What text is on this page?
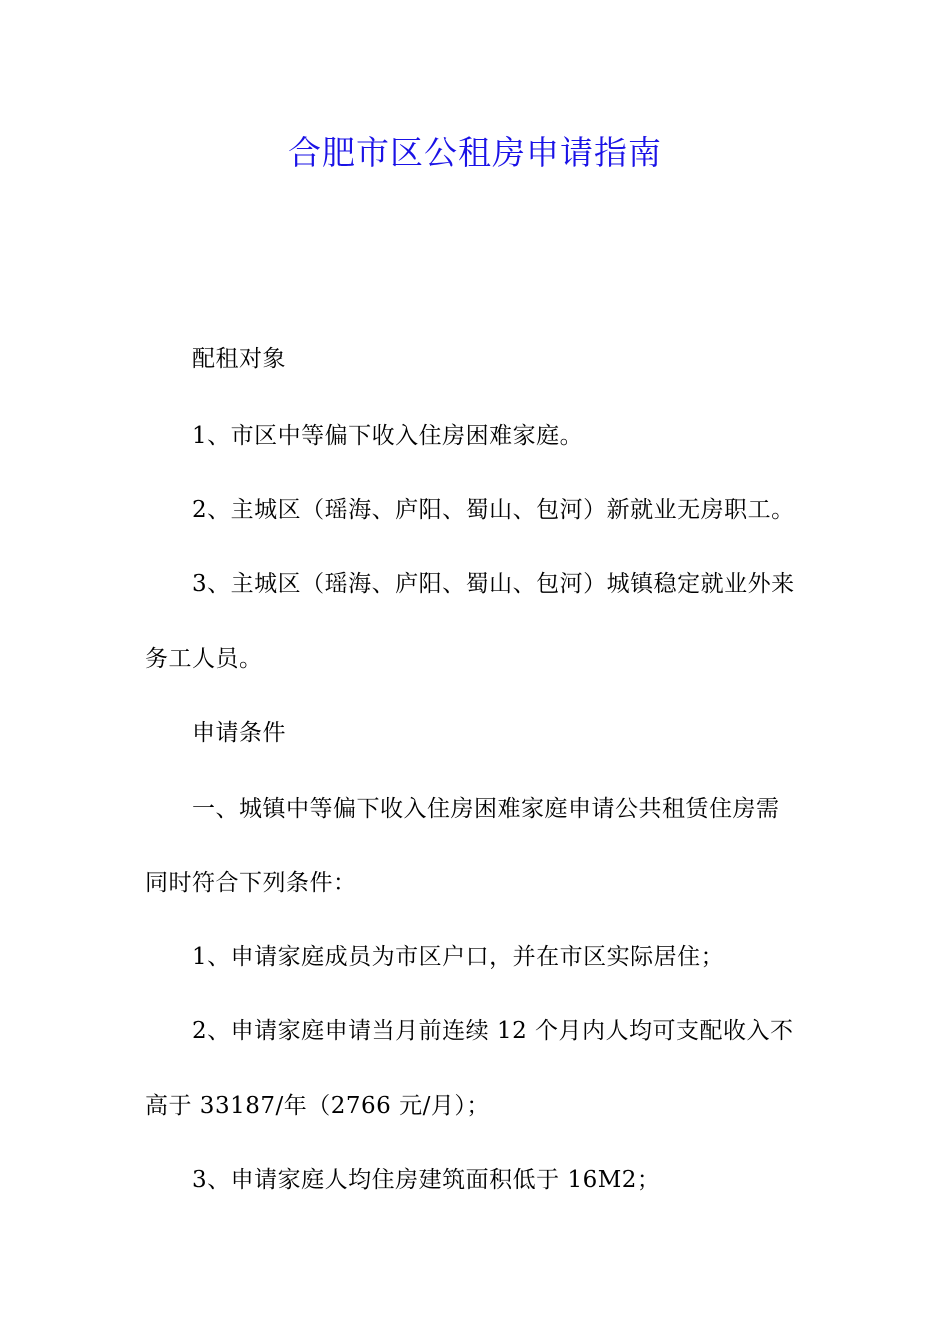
合肥市区公租房申请指南
配租对象
1、市区中等偏下收入住房困难家庭。
2、主城区（瑶海、庐阳、蜀山、包河）新就业无房职工。
3、主城区（瑶海、庐阳、蜀山、包河）城镇稳定就业外来
务工人员。
申请条件
一、城镇中等偏下收入住房困难家庭申请公共租赁住房需
同时符合下列条件：
1、申请家庭成员为市区户口，并在市区实际居住；
2、申请家庭申请当月前连续 12 个月内人均可支配收入不
高于 33187/年（2766 元/月）；
3、申请家庭人均住房建筑面积低于 16M2；
